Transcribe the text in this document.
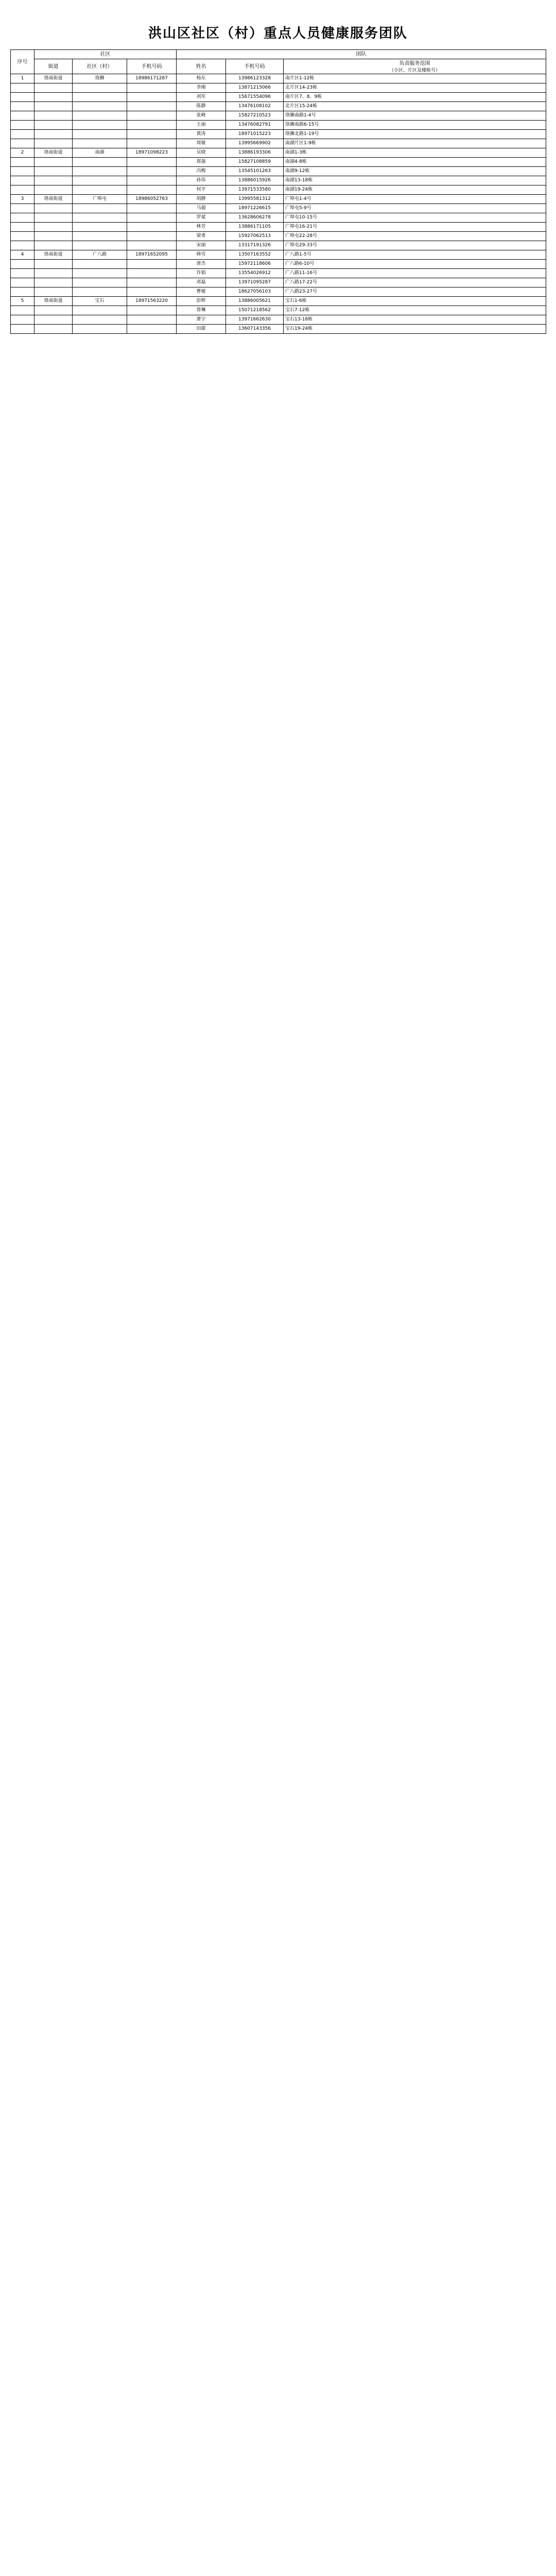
洪山区社区（村）重点人员健康服务团队
序号	社区			团队		
	街道	社区（村）	手机号码	姓名	手机号码	负责服务范围
（小区、片区及楼栋号）

1	珞南街道	珞狮	18986171287	杨东	13986123328	南片区1-12栋
				李刚	13871215066	北片区14-23栋
				刘军	15671554096	南片区7、8、9栋
				陈静	13476108102	北片区15-24栋
				张峰	15827210523	珞狮南路1-4号
				王丽	13476082791	珞狮南路6-15号
				黄涛	18971015223	珞狮北路1-19号
				周敏	13995669902	南湖片区1-9栋
2	珞南街道	南湖	18971098223	吴晓	13886193306	南湖1-3栋
				郑强	15827108859	南湖4-8栋
				冯梅	13545101263	南湖9-12栋
				孙伟	13886015926	南湖13-18栋
				何平	13971533580	南湖19-24栋
3	珞南街道	广埠屯	18986052763	胡静	13995581312	广埠屯1-4号
				马超	18971226615	广埠屯5-9号
				罗斌	13628606278	广埠屯10-15号
				林芳	13886171105	广埠屯16-21号
				梁勇	15927062513	广埠屯22-28号
				宋丽	13317191326	广埠屯29-33号
4	珞南街道	广八路	18971652095	韩雪	13507163552	广八路1-5号
				唐杰	15972118606	广八路6-10号
				许娟	13554026912	广八路11-16号
				邓磊	13971095287	广八路17-22号
				曹敏	18627056103	广八路23-27号
5	珞南街道	宝石	18971563220	彭辉	13886005621	宝石1-6栋
				曾琳	15071218562	宝石7-12栋
				萧宇	13971662630	宝石13-18栋
				田甜	13607143356	宝石19-24栋
